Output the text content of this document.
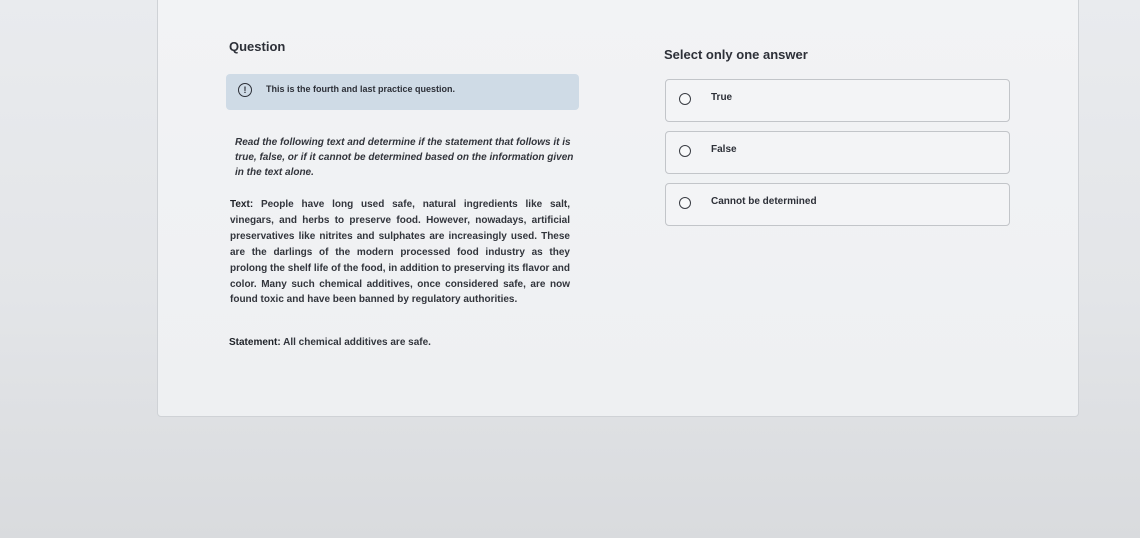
Question
!	This is the fourth and last practice question.
Read the following text and determine if the statement that follows it is true, false, or if it cannot be determined based on the information given in the text alone.
Text: People have long used safe, natural ingredients like salt, vinegars, and herbs to preserve food. However, nowadays, artificial preservatives like nitrites and sulphates are increasingly used. These are the darlings of the modern processed food industry as they prolong the shelf life of the food, in addition to preserving its flavor and color. Many such chemical additives, once considered safe, are now found toxic and have been banned by regulatory authorities.
Statement: All chemical additives are safe.
Select only one answer
True
False
Cannot be determined
